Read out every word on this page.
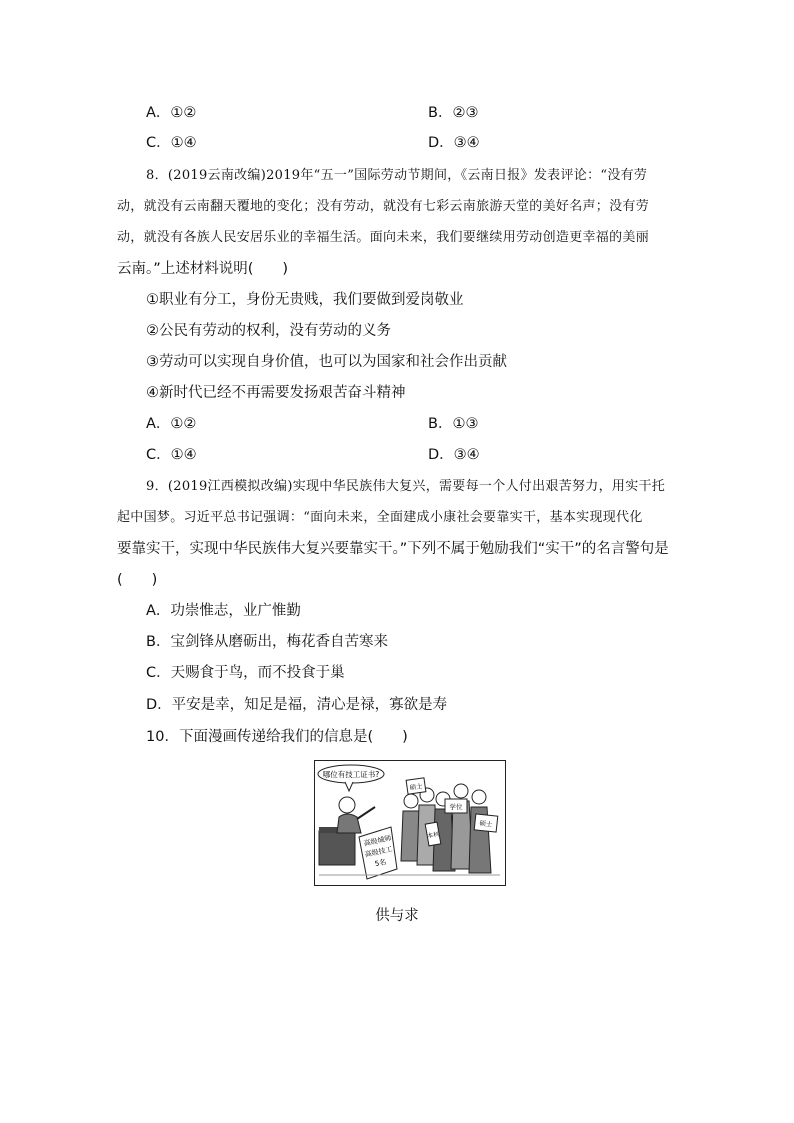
A．①②	B．②③
C．①④	D．③④
8．(2019云南改编)2019年“五一”国际劳动节期间，《云南日报》发表评论：“没有劳
动，就没有云南翻天覆地的变化；没有劳动，就没有七彩云南旅游天堂的美好名声；没有劳
动，就没有各族人民安居乐业的幸福生活。面向未来，我们要继续用劳动创造更幸福的美丽
云南。”上述材料说明(　　)
①职业有分工，身份无贵贱，我们要做到爱岗敬业
②公民有劳动的权利，没有劳动的义务
③劳动可以实现自身价值，也可以为国家和社会作出贡献
④新时代已经不再需要发扬艰苦奋斗精神
A．①②	B．①③
C．①④	D．③④
9．(2019江西模拟改编)实现中华民族伟大复兴，需要每一个人付出艰苦努力，用实干托
起中国梦。习近平总书记强调：“面向未来，全面建成小康社会要靠实干，基本实现现代化
要靠实干，实现中华民族伟大复兴要靠实干。”下列不属于勉励我们“实干”的名言警句是
(　　)
A．功崇惟志，业广惟勤
B．宝剑锋从磨砺出，梅花香自苦寒来
C．天赐食于鸟，而不投食于巢
D．平安是幸，知足是福，清心是禄，寡欲是寿
10．下面漫画传递给我们的信息是(　　)
哪位有技工证书?
高级城师
高级技工
5名
硕士
学位
本科
硕士
供与求
